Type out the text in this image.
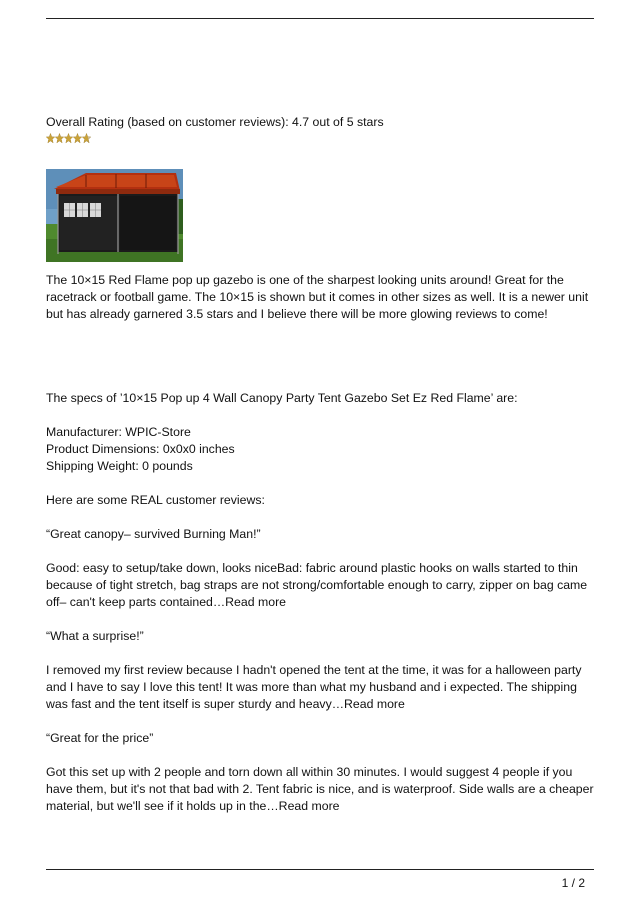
Overall Rating (based on customer reviews): 4.7 out of 5 stars

The 10×15 Red Flame pop up gazebo is one of the sharpest looking units around! Great for the racetrack or football game. The 10×15 is shown but it comes in other sizes as well. It is a newer unit but has already garnered 3.5 stars and I believe there will be more glowing reviews to come!

The specs of ’10×15 Pop up 4 Wall Canopy Party Tent Gazebo Set Ez Red Flame’ are:

Manufacturer: WPIC-Store

Product Dimensions: 0x0x0 inches

Shipping Weight: 0 pounds

Here are some REAL customer reviews:

“Great canopy– survived Burning Man!”

Good: easy to setup/take down, looks niceBad: fabric around plastic hooks on walls started to thin because of tight stretch, bag straps are not strong/comfortable enough to carry, zipper on bag came off– can't keep parts contained…Read more

“What a surprise!”

I removed my first review because I hadn't opened the tent at the time, it was for a halloween party and I have to say I love this tent! It was more than what my husband and i expected. The shipping was fast and the tent itself is super sturdy and heavy…Read more

“Great for the price”

Got this set up with 2 people and torn down all within 30 minutes. I would suggest 4 people if you have them, but it's not that bad with 2. Tent fabric is nice, and is waterproof. Side walls are a cheaper material, but we'll see if it holds up in the…Read more

1 / 2
